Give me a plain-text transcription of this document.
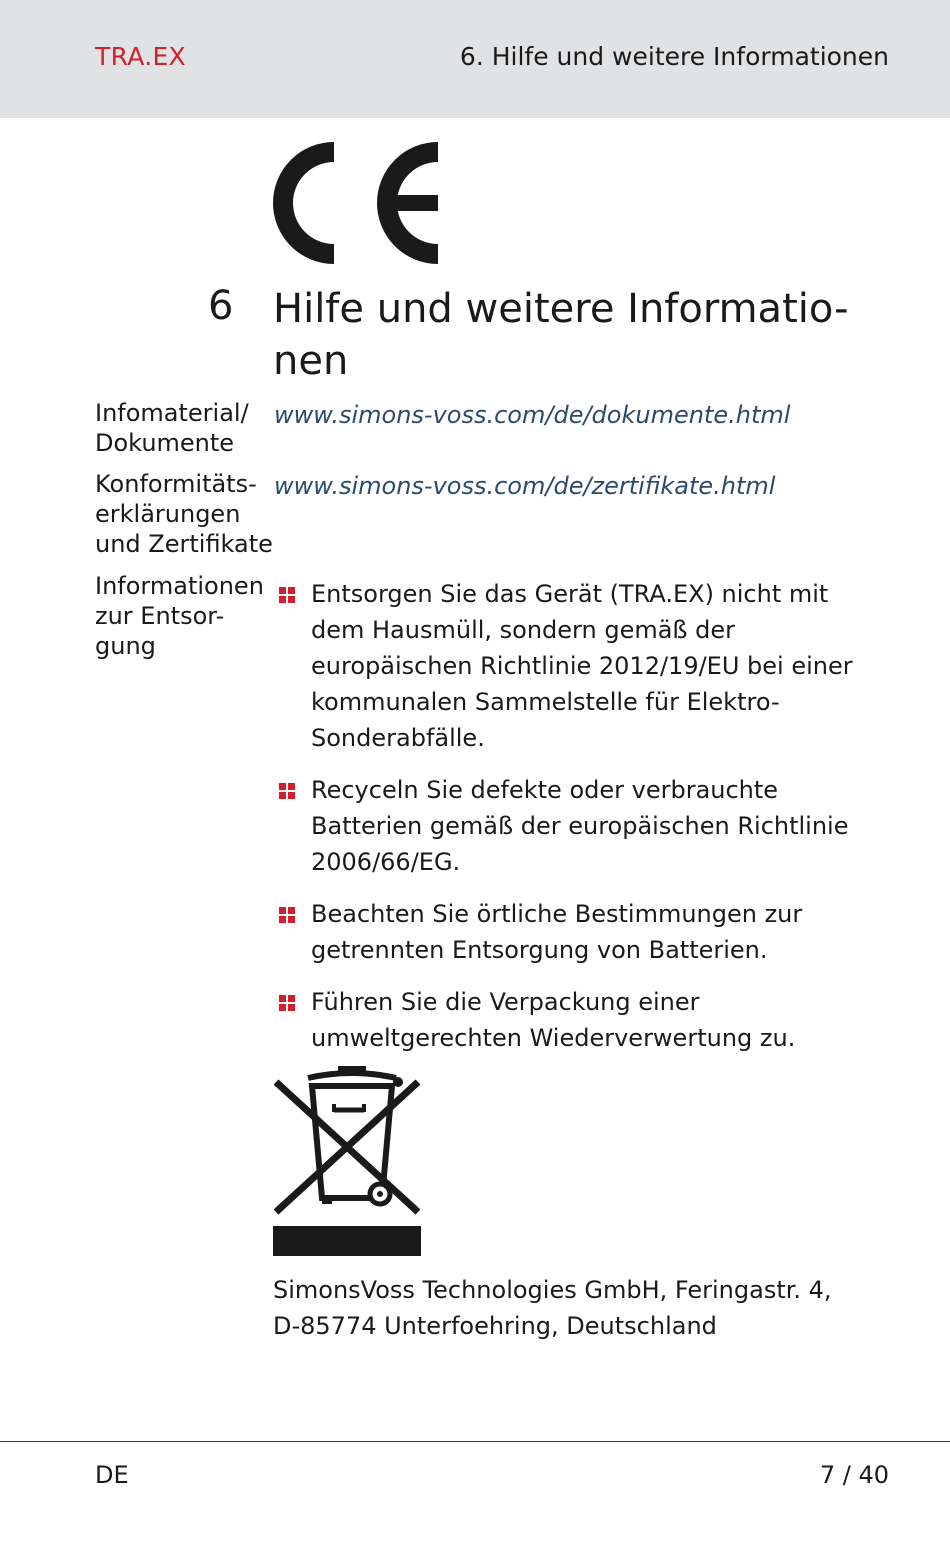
TRA.EX	6. Hilfe und weitere Informationen
6 Hilfe und weitere Informatio-
nen
Infomaterial/
Dokumente
www.simons-voss.com/de/dokumente.html
Konformitäts-
erklärungen
und Zertifikate
www.simons-voss.com/de/zertifikate.html
Informationen
zur Entsor-
gung
Entsorgen Sie das Gerät (TRA.EX) nicht mit dem Hausmüll, sondern gemäß der europäischen Richtlinie 2012/19/EU bei einer kommunalen Sammelstelle für Elektro-Sonderabfälle.
Recyceln Sie defekte oder verbrauchte Batterien gemäß der europäischen Richtlinie 2006/66/EG.
Beachten Sie örtliche Bestimmungen zur getrennten Entsorgung von Batterien.
Führen Sie die Verpackung einer umweltgerechten Wiederverwertung zu.
SimonsVoss Technologies GmbH, Feringastr. 4,
D-85774 Unterfoehring, Deutschland
DE	7 / 40
